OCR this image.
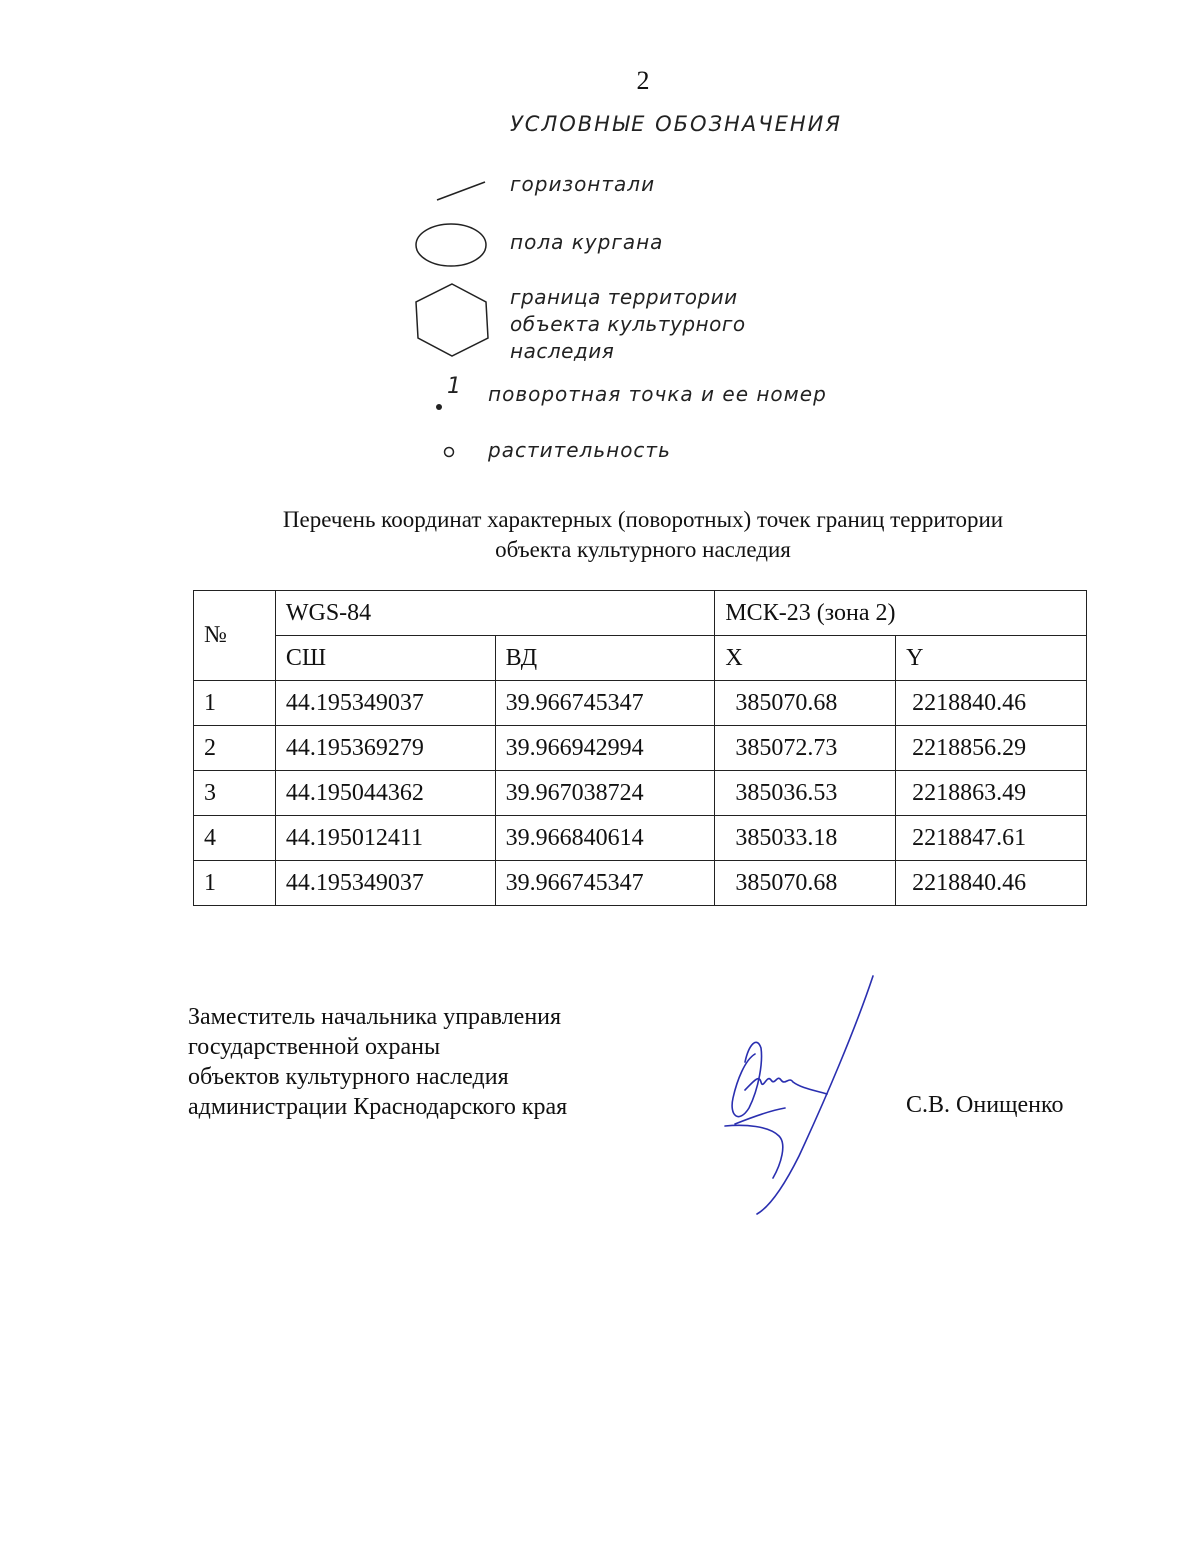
2
УСЛОВНЫЕ ОБОЗНАЧЕНИЯ
горизонтали
пола кургана
граница территории
объекта культурного
наследия
1 поворотная точка и ее номер
растительность
Перечень координат характерных (поворотных) точек границ территории
объекта культурного наследия
№	WGS-84		МСК-23 (зона 2)	
	СШ	ВД	X	Y
1	44.195349037	39.966745347	385070.68	2218840.46
2	44.195369279	39.966942994	385072.73	2218856.29
3	44.195044362	39.967038724	385036.53	2218863.49
4	44.195012411	39.966840614	385033.18	2218847.61
1	44.195349037	39.966745347	385070.68	2218840.46
Заместитель начальника управления
государственной охраны
объектов культурного наследия
администрации Краснодарского края	С.В. Онищенко
